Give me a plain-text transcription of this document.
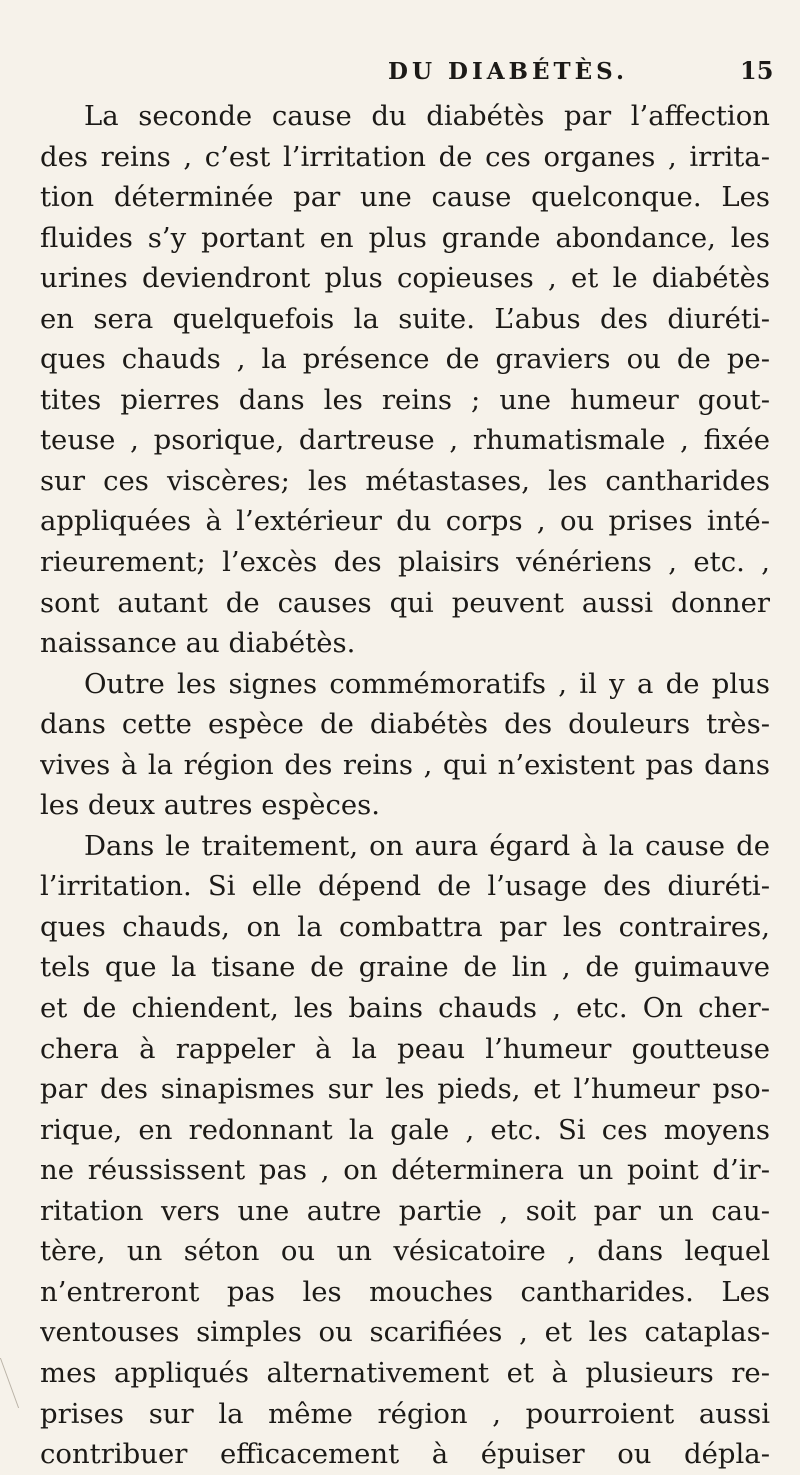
DU DIABÉTÈS.	15
La seconde cause du diabétès par l’affection
des reins , c’est l’irritation de ces organes , irrita-
tion déterminée par une cause quelconque. Les
fluides s’y portant en plus grande abondance, les
urines deviendront plus copieuses , et le diabétès
en sera quelquefois la suite. L’abus des diuréti-
ques chauds , la présence de graviers ou de pe-
tites pierres dans les reins ; une humeur gout-
teuse , psorique, dartreuse , rhumatismale , fixée
sur ces viscères; les métastases, les cantharides
appliquées à l’extérieur du corps , ou prises inté-
rieurement; l’excès des plaisirs vénériens , etc. ,
sont autant de causes qui peuvent aussi donner
naissance au diabétès.
Outre les signes commémoratifs , il y a de plus
dans cette espèce de diabétès des douleurs très-
vives à la région des reins , qui n’existent pas dans
les deux autres espèces.
Dans le traitement, on aura égard à la cause de
l’irritation. Si elle dépend de l’usage des diuréti-
ques chauds, on la combattra par les contraires,
tels que la tisane de graine de lin , de guimauve
et de chiendent, les bains chauds , etc. On cher-
chera à rappeler à la peau l’humeur goutteuse
par des sinapismes sur les pieds, et l’humeur pso-
rique, en redonnant la gale , etc. Si ces moyens
ne réussissent pas , on déterminera un point d’ir-
ritation vers une autre partie , soit par un cau-
tère, un séton ou un vésicatoire , dans lequel
n’entreront pas les mouches cantharides. Les
ventouses simples ou scarifiées , et les cataplas-
mes appliqués alternativement et à plusieurs re-
prises sur la même région , pourroient aussi
contribuer efficacement à épuiser ou dépla-
